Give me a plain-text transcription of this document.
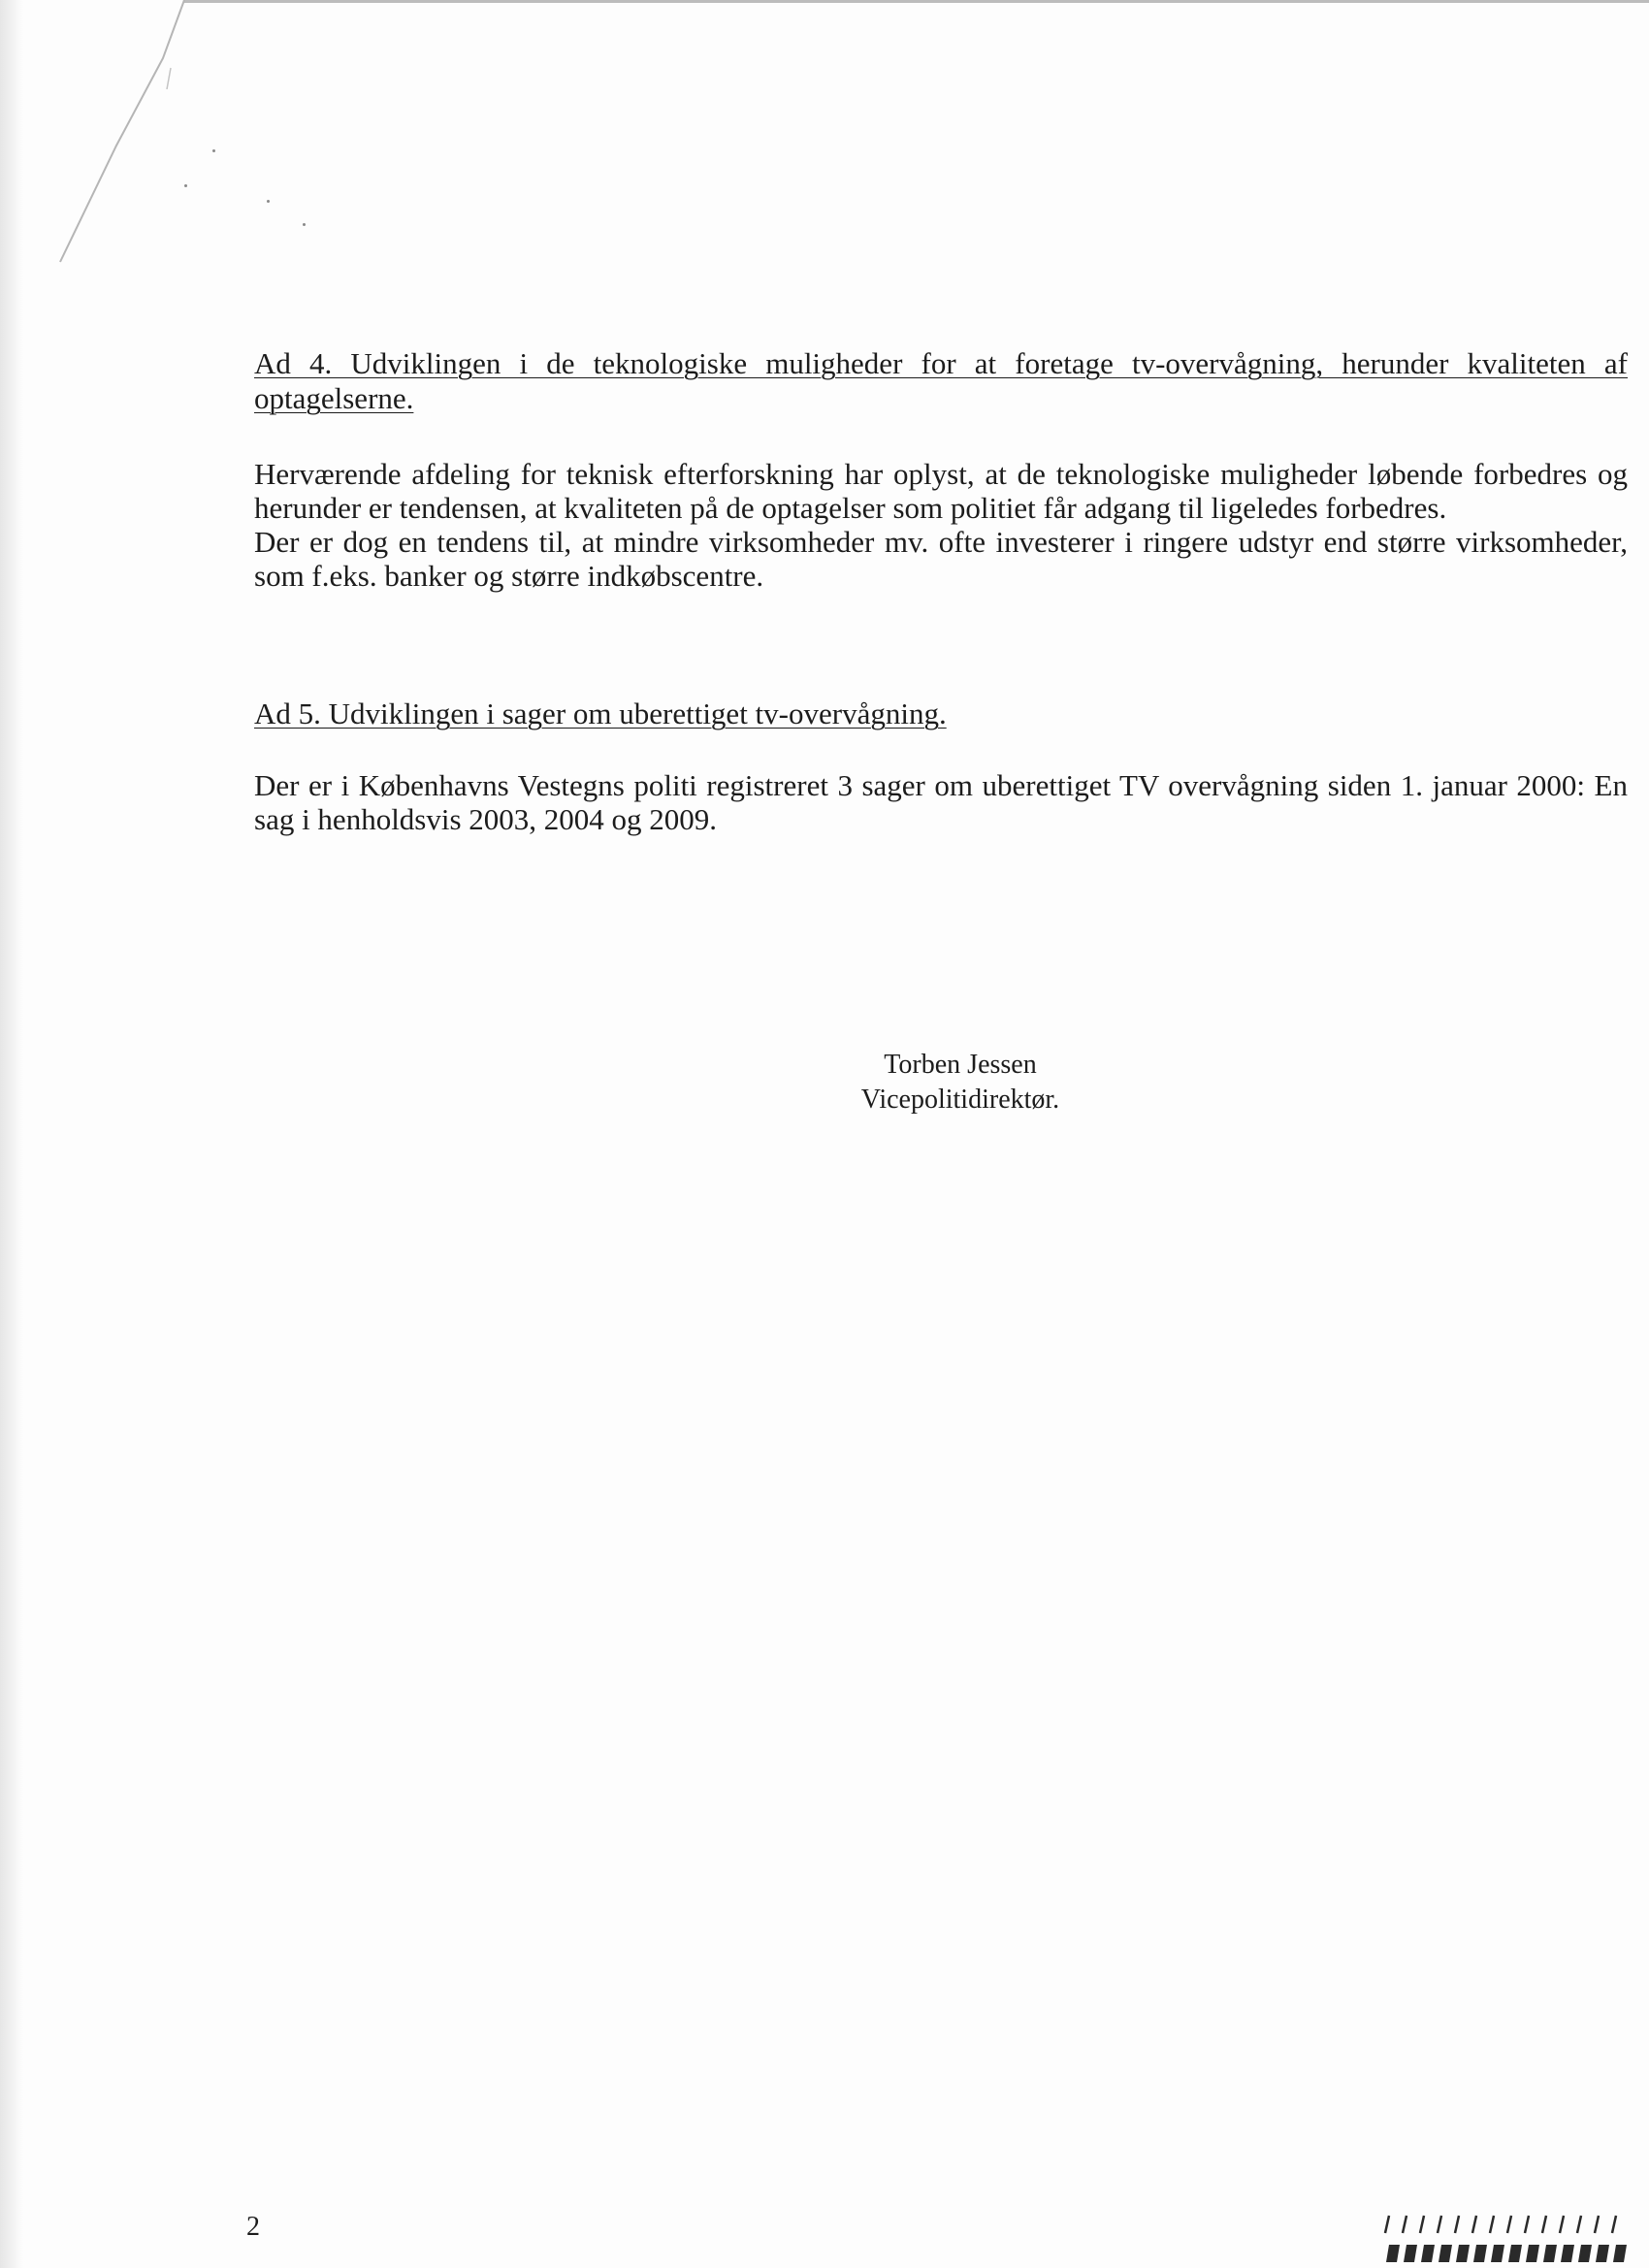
Ad 4. Udviklingen i de teknologiske muligheder for at foretage tv-overvågning, herunder kvaliteten af optagelserne.

Herværende afdeling for teknisk efterforskning har oplyst, at de teknologiske muligheder løbende forbedres og herunder er tendensen, at kvaliteten på de optagelser som politiet får adgang til ligeledes forbedres.

Der er dog en tendens til, at mindre virksomheder mv. ofte investerer i ringere udstyr end større virksomheder, som f.eks. banker og større indkøbscentre.

Ad 5. Udviklingen i sager om uberettiget tv-overvågning.

Der er i Københavns Vestegns politi registreret 3 sager om uberettiget TV overvågning siden 1. januar 2000: En sag i henholdsvis 2003, 2004 og 2009.

Torben Jessen
Vicepolitidirektør.
2
